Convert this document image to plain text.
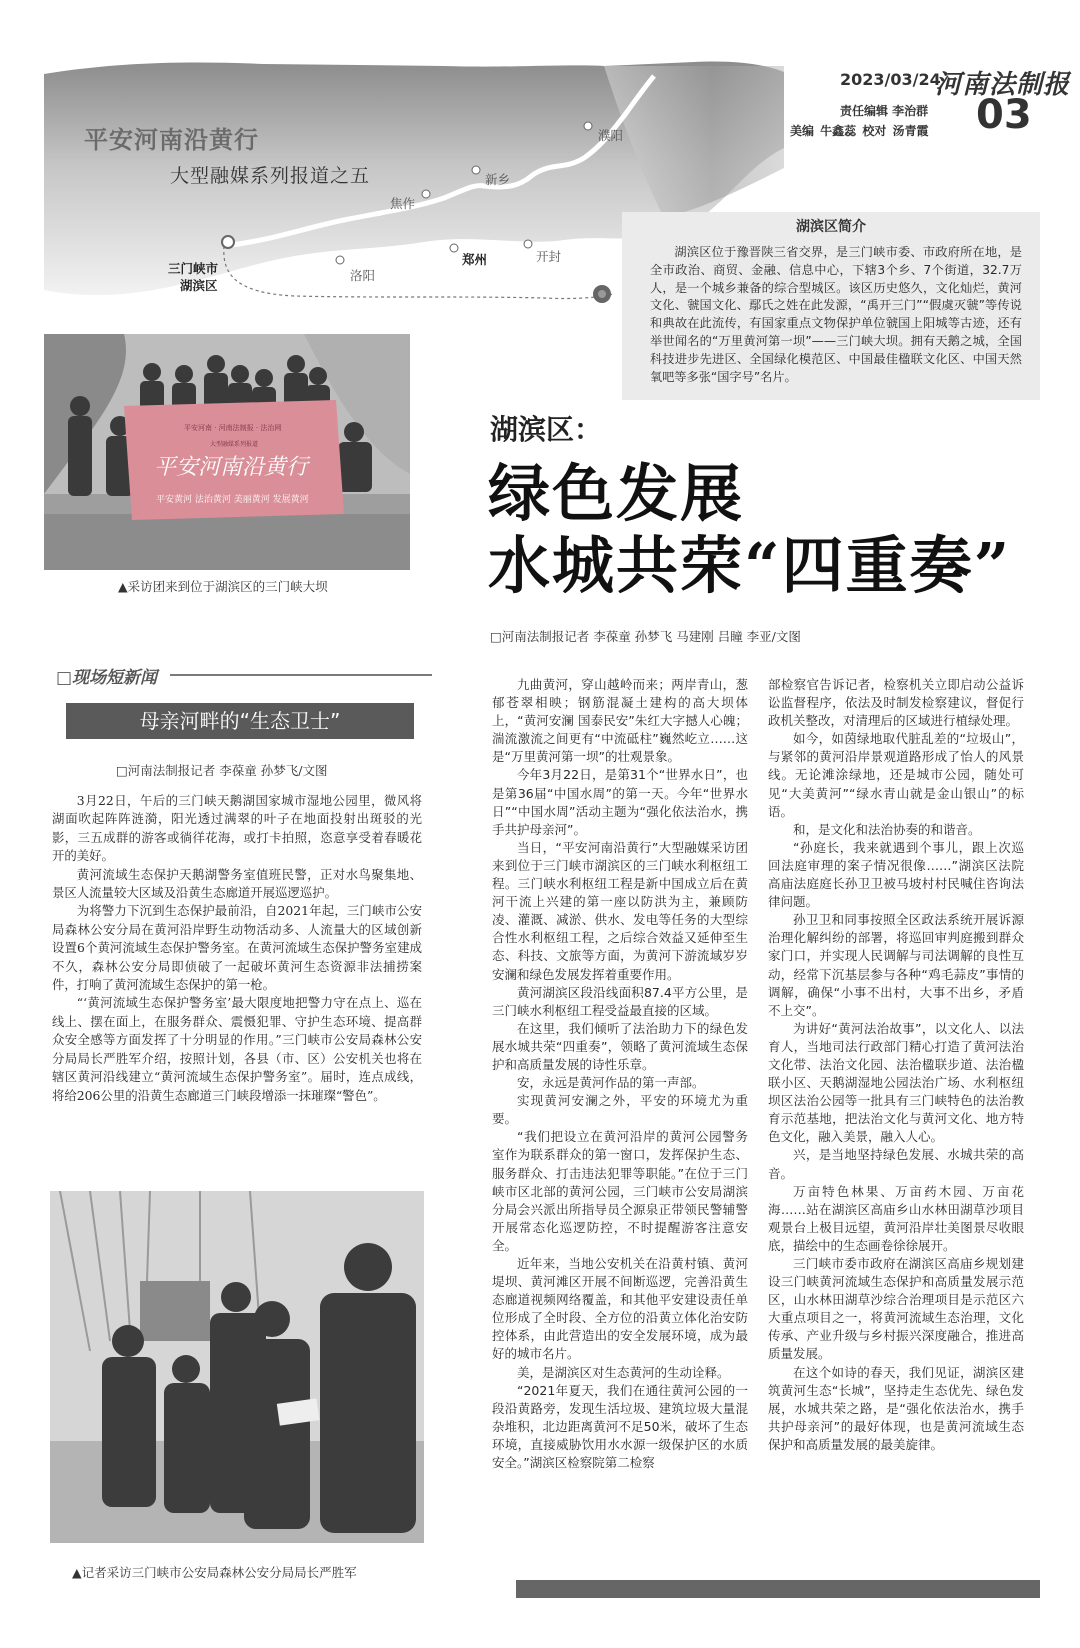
平安河南沿黄行
大型融媒系列报道之五
濮阳
新乡
焦作
郑州	开封
洛阳
三门峡市
湖滨区
2023/03/24
河南法制报
责任编辑 李治群
美编 牛鑫蕊 校对 汤青霞 03
湖滨区简介
湖滨区位于豫晋陕三省交界，是三门峡市委、市政府所在地，是全市政治、商贸、金融、信息中心，下辖3个乡、7个街道，32.7万人，是一个城乡兼备的综合型城区。该区历史悠久，文化灿烂，黄河文化、虢国文化、鄢氏之姓在此发源，“禹开三门”“假虞灭虢”等传说和典故在此流传，有国家重点文物保护单位虢国上阳城等古迹，还有举世闻名的“万里黄河第一坝”——三门峡大坝。拥有天鹅之城，全国科技进步先进区、全国绿化模范区、中国最佳楹联文化区、中国天然氧吧等多张“国字号”名片。
平安河南 · 河南法制报 · 法治网
大型融媒系列报道
平安河南沿黄行
平安黄河 法治黄河 美丽黄河 发展黄河
▲采访团来到位于湖滨区的三门峡大坝
湖滨区：
绿色发展
水城共荣“四重奏”
□河南法制报记者 李葆童 孙梦飞 马建刚 吕瞳 李亚/文图
□现场短新闻
母亲河畔的“生态卫士”
□河南法制报记者 李葆童 孙梦飞/文图

3月22日，午后的三门峡天鹅湖国家城市湿地公园里，微风将湖面吹起阵阵涟漪，阳光透过满翠的叶子在地面投射出斑驳的光影，三五成群的游客或徜徉花海，或打卡拍照，恣意享受着春暖花开的美好。

黄河流域生态保护天鹅湖警务室值班民警，正对水鸟聚集地、景区人流量较大区域及沿黄生态廊道开展巡逻巡护。

为将警力下沉到生态保护最前沿，自2021年起，三门峡市公安局森林公安分局在黄河沿岸野生动物活动多、人流量大的区域创新设置6个黄河流域生态保护警务室。在黄河流域生态保护警务室建成不久，森林公安分局即侦破了一起破坏黄河生态资源非法捕捞案件，打响了黄河流域生态保护的第一枪。

“‘黄河流域生态保护警务室’最大限度地把警力守在点上、巡在线上、摆在面上，在服务群众、震慑犯罪、守护生态环境、提高群众安全感等方面发挥了十分明显的作用。”三门峡市公安局森林公安分局局长严胜军介绍，按照计划，各县（市、区）公安机关也将在辖区黄河沿线建立“黄河流域生态保护警务室”。届时，连点成线，将给206公里的沿黄生态廊道三门峡段增添一抹璀璨“警色”。

▲记者采访三门峡市公安局森林公安分局局长严胜军

九曲黄河，穿山越岭而来；两岸青山，葱郁苍翠相映；钢筋混凝土建构的高大坝体上，“黄河安澜 国泰民安”朱红大字撼人心魄；湍流激流之间更有“中流砥柱”巍然屹立……这是“万里黄河第一坝”的壮观景象。

今年3月22日，是第31个“世界水日”，也是第36届“中国水周”的第一天。今年“世界水日”“中国水周”活动主题为“强化依法治水，携手共护母亲河”。

当日，“平安河南沿黄行”大型融媒采访团来到位于三门峡市湖滨区的三门峡水利枢纽工程。三门峡水利枢纽工程是新中国成立后在黄河干流上兴建的第一座以防洪为主，兼顾防凌、灌溉、减淤、供水、发电等任务的大型综合性水利枢纽工程，之后综合效益又延伸至生态、科技、文旅等方面，为黄河下游流域岁岁安澜和绿色发展发挥着重要作用。

黄河湖滨区段沿线面积87.4平方公里，是三门峡水利枢纽工程受益最直接的区域。

在这里，我们倾听了法治助力下的绿色发展水城共荣“四重奏”，领略了黄河流域生态保护和高质量发展的诗性乐章。

安，永远是黄河作品的第一声部。

实现黄河安澜之外，平安的环境尤为重要。

“我们把设立在黄河沿岸的黄河公园警务室作为联系群众的第一窗口，发挥保护生态、服务群众、打击违法犯罪等职能。”在位于三门峡市区北部的黄河公园，三门峡市公安局湖滨分局会兴派出所指导员仝源泉正带领民警辅警开展常态化巡逻防控，不时提醒游客注意安全。

近年来，当地公安机关在沿黄村镇、黄河堤坝、黄河滩区开展不间断巡逻，完善沿黄生态廊道视频网络覆盖，和其他平安建设责任单位形成了全时段、全方位的沿黄立体化治安防控体系，由此营造出的安全发展环境，成为最好的城市名片。

美，是湖滨区对生态黄河的生动诠释。

“2021年夏天，我们在通往黄河公园的一段沿黄路旁，发现生活垃圾、建筑垃圾大量混杂堆积，北边距离黄河不足50米，破坏了生态环境，直接威胁饮用水水源一级保护区的水质安全。”湖滨区检察院第二检察

部检察官告诉记者，检察机关立即启动公益诉讼监督程序，依法及时制发检察建议，督促行政机关整改，对清理后的区域进行植绿处理。

如今，如茵绿地取代脏乱差的“垃圾山”，与紧邻的黄河沿岸景观道路形成了怡人的风景线。无论滩涂绿地，还是城市公园，随处可见“大美黄河”“绿水青山就是金山银山”的标语。

和，是文化和法治协奏的和谐音。

“孙庭长，我来就遇到个事儿，跟上次巡回法庭审理的案子情况很像……”湖滨区法院高庙法庭庭长孙卫卫被马坡村村民喊住咨询法律问题。

孙卫卫和同事按照全区政法系统开展诉源治理化解纠纷的部署，将巡回审判庭搬到群众家门口，并实现人民调解与司法调解的良性互动，经常下沉基层参与各种“鸡毛蒜皮”事情的调解，确保“小事不出村，大事不出乡，矛盾不上交”。

为讲好“黄河法治故事”，以文化人、以法育人，当地司法行政部门精心打造了黄河法治文化带、法治文化园、法治楹联步道、法治楹联小区、天鹅湖湿地公园法治广场、水利枢纽坝区法治公园等一批具有三门峡特色的法治教育示范基地，把法治文化与黄河文化、地方特色文化，融入美景，融入人心。

兴，是当地坚持绿色发展、水城共荣的高音。

万亩特色林果、万亩药木园、万亩花海……站在湖滨区高庙乡山水林田湖草沙项目观景台上极目远望，黄河沿岸壮美图景尽收眼底，描绘中的生态画卷徐徐展开。

三门峡市委市政府在湖滨区高庙乡规划建设三门峡黄河流域生态保护和高质量发展示范区，山水林田湖草沙综合治理项目是示范区六大重点项目之一，将黄河流域生态治理，文化传承、产业升级与乡村振兴深度融合，推进高质量发展。

在这个如诗的春天，我们见证，湖滨区建筑黄河生态“长城”，坚持走生态优先、绿色发展，水城共荣之路，是“强化依法治水，携手共护母亲河”的最好体现，也是黄河流域生态保护和高质量发展的最美旋律。
